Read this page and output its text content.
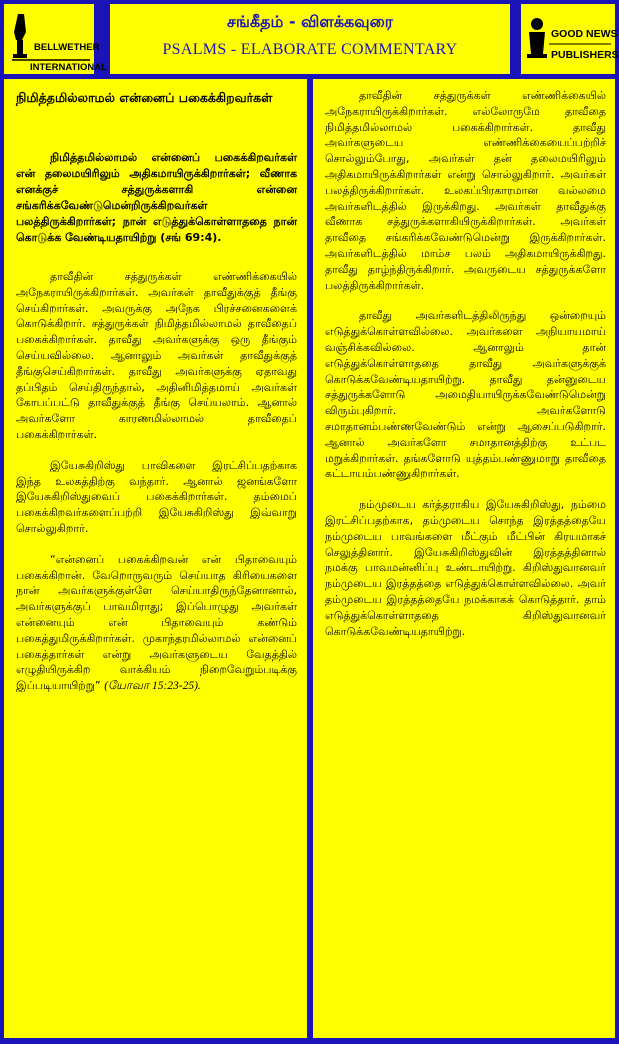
BELLWETHER
INTERNATIONAL
சங்கீதம் - விளக்கவுரை
PSALMS - ELABORATE COMMENTARY
GOOD NEWS
PUBLISHERS

நிமித்தமில்லாமல் என்னைப் பகைக்கிறவர்கள்

நிமித்தமில்லாமல் என்னைப் பகைக்கிறவர்கள் என் தலைமயிரிலும் அதிகமாயிருக்கிறார்கள்; வீணாக எனக்குச் சத்துருக்களாகி என்னை சங்கரிக்கவேண்டுமென்றிருக்கிறவர்கள் பலத்திருக்கிறார்கள்; நான் எடுத்துக்கொள்ளாததை நான் கொடுக்க வேண்டியதாயிற்று (சங் 69:4).

தாவீதின் சத்துருக்கள் எண்ணிக்கையில் அநேகராயிருக்கிறார்கள். அவர்கள் தாவீதுக்குத் தீங்கு செய்கிறார்கள். அவருக்கு அநேக பிரச்சனைகளைக் கொடுக்கிறார். சத்துருக்கள் நிமித்தமில்லாமல் தாவீதைப் பகைக்கிறார்கள். தாவீது அவர்களுக்கு ஒரு தீங்கும் செய்யவில்லை. ஆனாலும் அவர்கள் தாவீதுக்குத் தீங்குசெய்கிறார்கள். தாவீது அவர்களுக்கு ஏதாவது தப்பிதம் செய்திருந்தால், அதினிமித்தமாய் அவர்கள் கோபப்பட்டு தாவீதுக்குத் தீங்கு செய்யலாம். ஆனால் அவர்களோ காரணமில்லாமல் தாவீதைப் பகைக்கிறார்கள்.

இயேசுகிறிஸ்து பாவிகளை இரட்சிப்பதற்காக இந்த உலகத்திற்கு வந்தார். ஆனால் ஜனங்களோ இயேசுகிறிஸ்துவைப் பகைக்கிறார்கள். தம்மைப் பகைக்கிறவர்களைப்பற்றி இயேசுகிறிஸ்து இவ்வாறு சொல்லுகிறார்.

“என்னைப் பகைக்கிறவன் என் பிதாவையும் பகைக்கிறான். வேறொருவரும் செய்யாத கிரியைகளை நான் அவர்களுக்குள்ளே செய்யாதிருந்தேனானால், அவர்களுக்குப் பாவமிராது; இப்பொழுது அவர்கள் என்னையும் என் பிதாவையும் கண்டும் பகைத்துமிருக்கிறார்கள். முகாந்தரமில்லாமல் என்னைப் பகைத்தார்கள் என்று அவர்களுடைய வேதத்தில் எழுதியிருக்கிற வாக்கியம் நிறைவேறும்படிக்கு இப்படியாயிற்று” (யோவா 15:23-25).

தாவீதின் சத்துருக்கள் எண்ணிக்கையில் அநேகராயிருக்கிறார்கள். எல்லோருமே தாவீதை நிமித்தமில்லாமல் பகைக்கிறார்கள். தாவீது அவர்களுடைய எண்ணிக்கையைப்பற்றிச் சொல்லும்போது, அவர்கள் தன் தலைமயிரிலும் அதிகமாயிருக்கிறார்கள் என்று சொல்லுகிறார். அவர்கள் பலத்திருக்கிறார்கள். உலகப்பிரகாரமான வல்லமை அவர்களிடத்தில் இருக்கிறது. அவர்கள் தாவீதுக்கு வீணாக சத்துருக்களாகியிருக்கிறார்கள். அவர்கள் தாவீதை சங்கரிக்கவேண்டுமென்று இருக்கிறார்கள். அவர்களிடத்தில் மாம்ச பலம் அதிகமாயிருக்கிறது. தாவீது தாழ்ந்திருக்கிறார். அவருடைய சத்துருக்களோ பலத்திருக்கிறார்கள்.

தாவீது அவர்களிடத்திலிருந்து ஒன்றையும் எடுத்துக்கொள்ளவில்லை. அவர்களை அநியாயமாய் வஞ்சிக்கவில்லை. ஆனாலும் தான் எடுத்துக்கொள்ளாததை தாவீது அவர்களுக்குக் கொடுக்கவேண்டியதாயிற்று. தாவீது தன்னுடைய சத்துருக்களோடு அமைதியாயிருக்கவேண்டுமென்று விரும்புகிறார். அவர்களோடு சமாதானம்பண்ணவேண்டும் என்று ஆசைப்படுகிறார். ஆனால் அவர்களோ சமாதானத்திற்கு உட்பட மறுக்கிறார்கள். தங்களோடு யுத்தம்பண்ணுமாறு தாவீதை கட்டாயம்பண்ணுகிறார்கள்.

நம்முடைய கர்த்தராகிய இயேசுகிறிஸ்து, நம்மை இரட்சிப்பதற்காக, தம்முடைய சொந்த இரத்தத்தையே நம்முடைய பாவங்களை மீட்கும் மீட்பின் கிரயமாகச் செலுத்தினார். இயேசுகிறிஸ்துவின் இரத்தத்தினால் நமக்கு பாவமன்னிப்பு உண்டாயிற்று. கிறிஸ்துவானவர் நம்முடைய இரத்தத்தை எடுத்துக்கொள்ளவில்லை. அவர் தம்முடைய இரத்தத்தையே நமக்காகக் கொடுத்தார். தாம் எடுத்துக்கொள்ளாததை கிறிஸ்துவானவர் கொடுக்கவேண்டியதாயிற்று.
